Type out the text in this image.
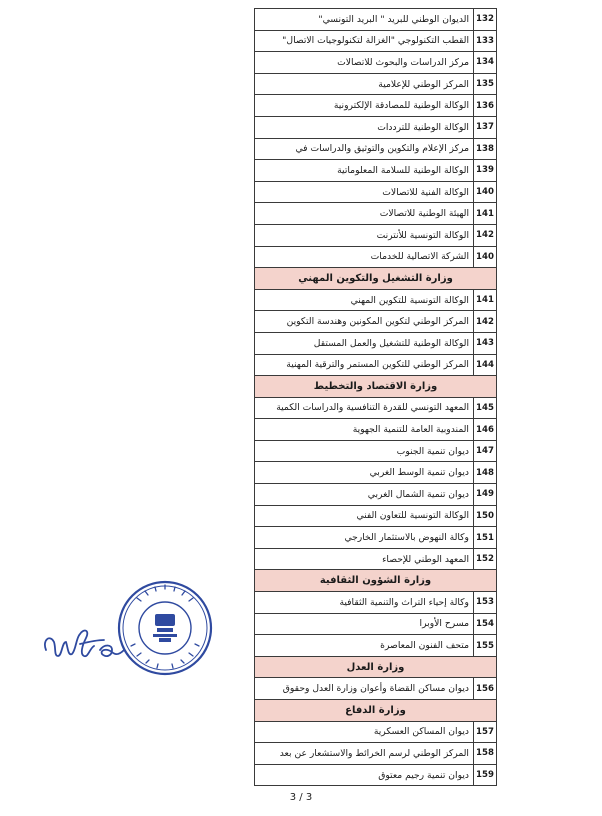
الديوان الوطني للبريد " البريد التونسي"	132
القطب التكنولوجي "الغزالة لتكنولوجيات الاتصال"	133
مركز الدراسات والبحوث للاتصالات	134
المركز الوطني للإعلامية	135
الوكالة الوطنية للمصادقة الإلكترونية	136
الوكالة الوطنية للترددات	137
مركز الإعلام والتكوين والتوثيق والدراسات في	138
الوكالة الوطنية للسلامة المعلوماتية	139
الوكالة الفنية للاتصالات	140
الهيئة الوطنية للاتصالات	141
الوكالة التونسية للأنترنت	142
الشركة الاتصالية للخدمات	140
وزارة التشغيل والتكوين المهني	
الوكالة التونسية للتكوين المهني	141
المركز الوطني لتكوين المكونين وهندسة التكوين	142
الوكالة الوطنية للتشغيل والعمل المستقل	143
المركز الوطني للتكوين المستمر والترقية المهنية	144
وزارة الاقتصاد والتخطيط	
المعهد التونسي للقدرة التنافسية والدراسات الكمية	145
المندوبية العامة للتنمية الجهوية	146
ديوان تنمية الجنوب	147
ديوان تنمية الوسط الغربي	148
ديوان تنمية الشمال الغربي	149
الوكالة التونسية للتعاون الفني	150
وكالة النهوض بالاستثمار الخارجي	151
المعهد الوطني للإحصاء	152
وزارة الشؤون الثقافية	
وكالة إحياء التراث والتنمية الثقافية	153
مسرح الأوبرا	154
متحف الفنون المعاصرة	155
وزارة العدل	
ديوان مساكن القضاة وأعوان وزارة العدل وحقوق	156
وزارة الدفاع	
ديوان المساكن العسكرية	157
المركز الوطني لرسم الخرائط والاستشعار عن بعد	158
ديوان تنمية رجيم معتوق	159
3 / 3
